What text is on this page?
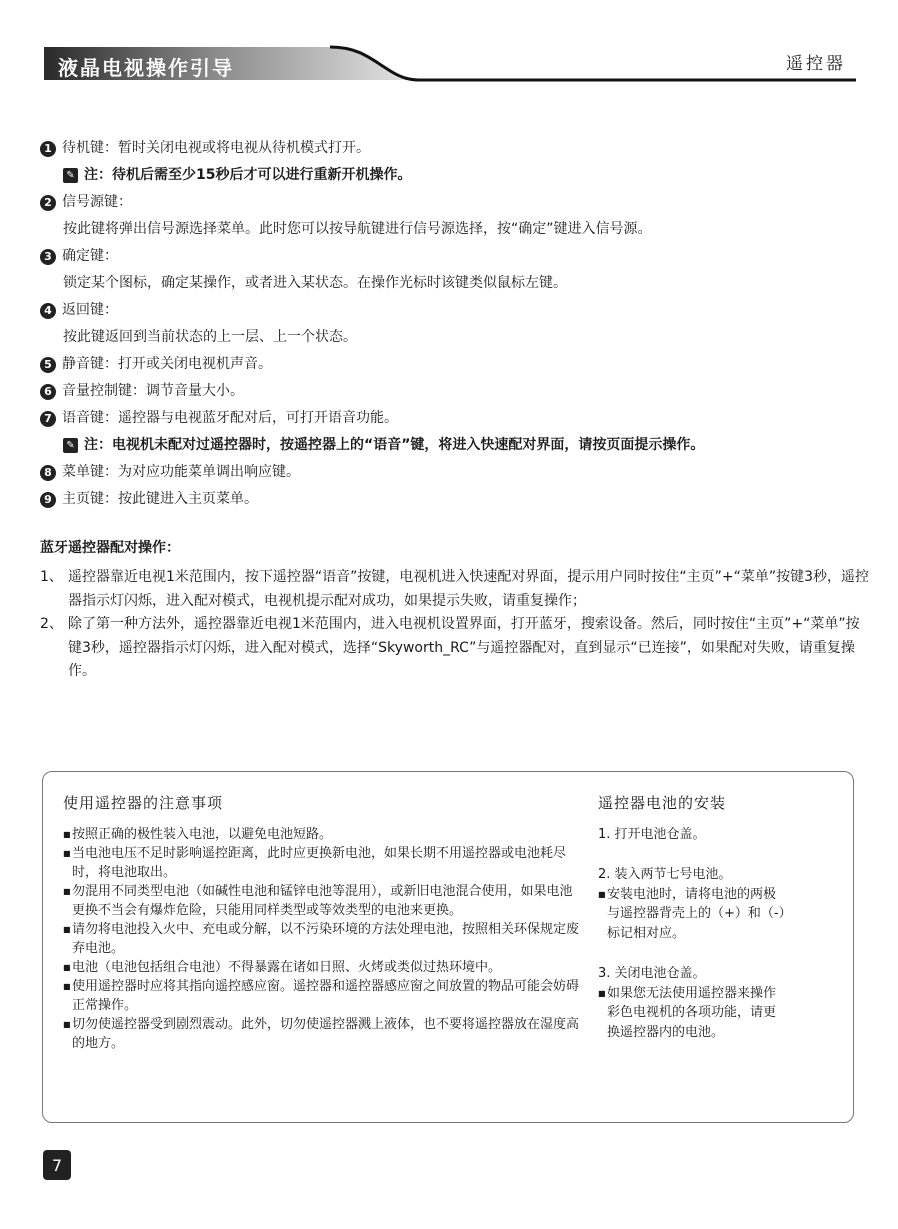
液晶电视操作引导	遥控器
1 待机键：暂时关闭电视或将电视从待机模式打开。
✎ 注：待机后需至少15秒后才可以进行重新开机操作。
2 信号源键：
按此键将弹出信号源选择菜单。此时您可以按导航键进行信号源选择，按“确定”键进入信号源。
3 确定键：
锁定某个图标，确定某操作，或者进入某状态。在操作光标时该键类似鼠标左键。
4 返回键：
按此键返回到当前状态的上一层、上一个状态。
5 静音键：打开或关闭电视机声音。
6 音量控制键：调节音量大小。
7 语音键：遥控器与电视蓝牙配对后，可打开语音功能。
✎ 注：电视机未配对过遥控器时，按遥控器上的“语音”键，将进入快速配对界面，请按页面提示操作。
8 菜单键：为对应功能菜单调出响应键。
9 主页键：按此键进入主页菜单。
蓝牙遥控器配对操作：
1、 遥控器靠近电视1米范围内，按下遥控器“语音”按键，电视机进入快速配对界面，提示用户同时按住“主页”+“菜单”按键3秒，遥控器指示灯闪烁，进入配对模式，电视机提示配对成功，如果提示失败，请重复操作；
2、 除了第一种方法外，遥控器靠近电视1米范围内，进入电视机设置界面，打开蓝牙，搜索设备。然后，同时按住“主页”+“菜单”按键3秒，遥控器指示灯闪烁，进入配对模式，选择“Skyworth_RC”与遥控器配对，直到显示“已连接”，如果配对失败，请重复操作。
使用遥控器的注意事项
■ 按照正确的极性装入电池，以避免电池短路。
■ 当电池电压不足时影响遥控距离，此时应更换新电池，如果长期不用遥控器或电池耗尽时，将电池取出。
■ 勿混用不同类型电池（如碱性电池和锰锌电池等混用），或新旧电池混合使用，如果电池更换不当会有爆炸危险，只能用同样类型或等效类型的电池来更换。
■ 请勿将电池投入火中、充电或分解，以不污染环境的方法处理电池，按照相关环保规定废弃电池。
■ 电池（电池包括组合电池）不得暴露在诸如日照、火烤或类似过热环境中。
■ 使用遥控器时应将其指向遥控感应窗。遥控器和遥控器感应窗之间放置的物品可能会妨碍正常操作。
■ 切勿使遥控器受到剧烈震动。此外，切勿使遥控器溅上液体，也不要将遥控器放在湿度高的地方。
遥控器电池的安装
1. 打开电池仓盖。
2. 装入两节七号电池。
■ 安装电池时，请将电池的两极
与遥控器背壳上的（+）和（-）
标记相对应。
3. 关闭电池仓盖。
■ 如果您无法使用遥控器来操作
彩色电视机的各项功能，请更
换遥控器内的电池。
7
